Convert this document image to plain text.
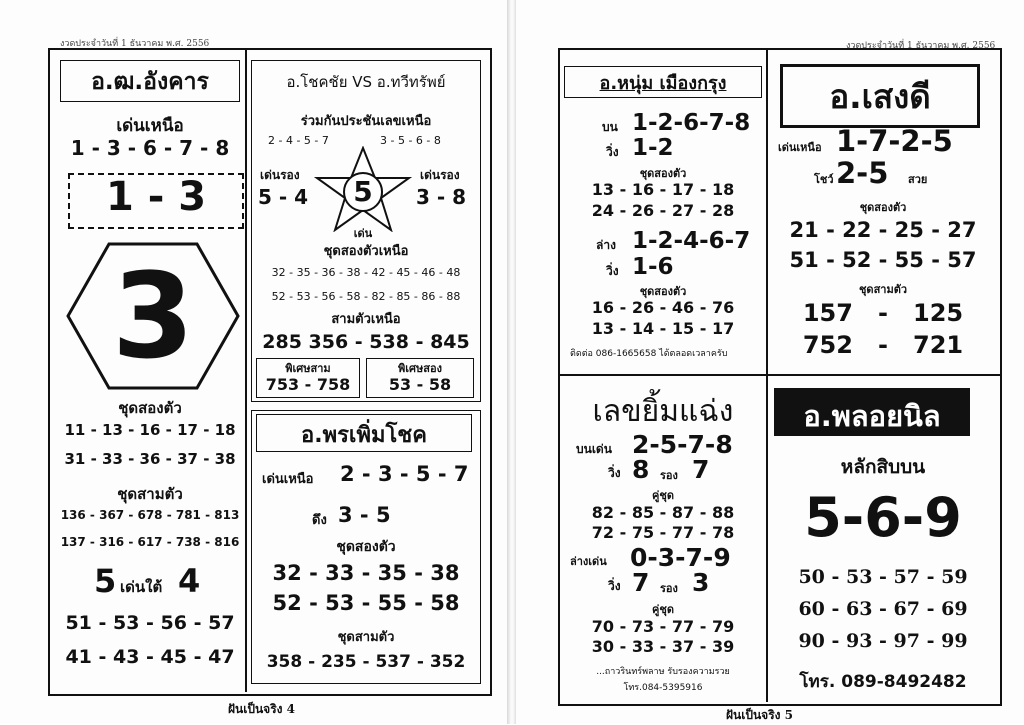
งวดประจำวันที่ 1 ธันวาคม พ.ศ. 2556
อ.ฒ.อังคาร
เด่นเหนือ
1 - 3 - 6 - 7 - 8
1 - 3
3
ชุดสองตัว
11 - 13 - 16 - 17 - 18
31 - 33 - 36 - 37 - 38
ชุดสามตัว
136 - 367 - 678 - 781 - 813
137 - 316 - 617 - 738 - 816
5 เด่นใต้ 4
51 - 53 - 56 - 57
41 - 43 - 45 - 47
อ.โชคชัย VS อ.ทวีทรัพย์
ร่วมกันประชันเลขเหนือ
2 - 4 - 5 - 7	3 - 5 - 6 - 8
เด่นรอง
5 - 4
เด่นรอง
3 - 8
5
เด่น
ชุดสองตัวเหนือ
32 - 35 - 36 - 38 - 42 - 45 - 46 - 48
52 - 53 - 56 - 58 - 82 - 85 - 86 - 88
สามตัวเหนือ
285 356 - 538 - 845
พิเศษสาม
753 - 758
พิเศษสอง
53 - 58
อ.พรเพิ่มโชค
เด่นเหนือ 2 - 3 - 5 - 7
ดึง 3 - 5
ชุดสองตัว
32 - 33 - 35 - 38
52 - 53 - 55 - 58
ชุดสามตัว
358 - 235 - 537 - 352
ฝันเป็นจริง 4
งวดประจำวันที่ 1 ธันวาคม พ.ศ. 2556
อ.หนุ่ม เมืองกรุง
บน 1-2-6-7-8
วิ่ง 1-2
ชุดสองตัว
13 - 16 - 17 - 18
24 - 26 - 27 - 28
ล่าง 1-2-4-6-7
วิ่ง 1-6
ชุดสองตัว
16 - 26 - 46 - 76
13 - 14 - 15 - 17
ติดต่อ 086-1665658 ได้ตลอดเวลาครับ
อ.เสงดี
เด่นเหนือ 1-7-2-5
โชว์ 2-5 สวย
ชุดสองตัว
21 - 22 - 25 - 27
51 - 52 - 55 - 57
ชุดสามตัว
157   -   125
752   -   721
เลขยิ้มแฉ่ง
บนเด่น 2-5-7-8
วิ่ง 8 รอง 7
คู่ชุด
82 - 85 - 87 - 88
72 - 75 - 77 - 78
ล่างเด่น 0-3-7-9
วิ่ง 7 รอง 3
คู่ชุด
70 - 73 - 77 - 79
30 - 33 - 37 - 39
...ถาวรินทร์พลาษ รับรองความรวย
โทร.084-5395916
อ.พลอยนิล
หลักสิบบน
5-6-9
50 - 53 - 57 - 59
60 - 63 - 67 - 69
90 - 93 - 97 - 99
โทร. 089-8492482
ฝันเป็นจริง 5
